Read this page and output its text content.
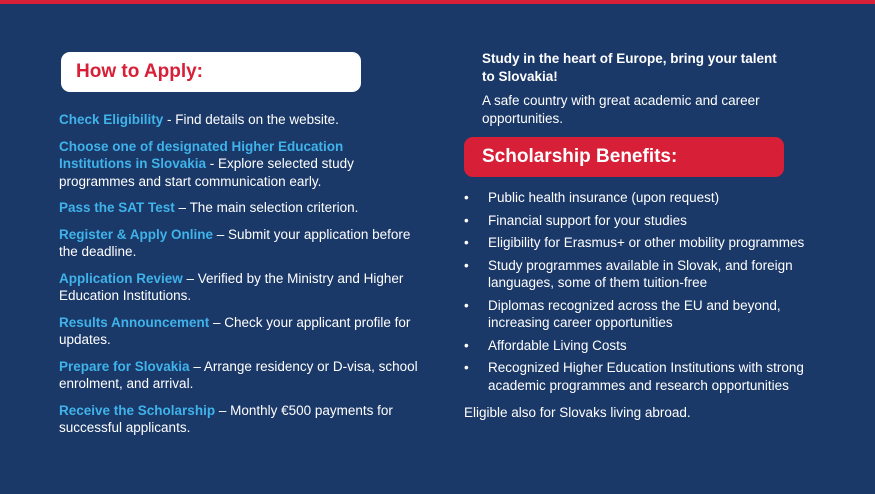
How to Apply:
Check Eligibility - Find details on the website.
Choose one of designated Higher Education Institutions in Slovakia - Explore selected study programmes and start communication early.
Pass the SAT Test – The main selection criterion.
Register & Apply Online – Submit your application before the deadline.
Application Review – Verified by the Ministry and Higher Education Institutions.
Results Announcement – Check your applicant profile for updates.
Prepare for Slovakia – Arrange residency or D-visa, school enrolment, and arrival.
Receive the Scholarship – Monthly €500 payments for successful applicants.
Study in the heart of Europe, bring your talent to Slovakia!
A safe country with great academic and career opportunities.
Scholarship Benefits:
• Public health insurance (upon request)
• Financial support for your studies
• Eligibility for Erasmus+ or other mobility programmes
• Study programmes available in Slovak, and foreign languages, some of them tuition-free
• Diplomas recognized across the EU and beyond, increasing career opportunities
• Affordable Living Costs
• Recognized Higher Education Institutions with strong academic programmes and research opportunities
Eligible also for Slovaks living abroad.
